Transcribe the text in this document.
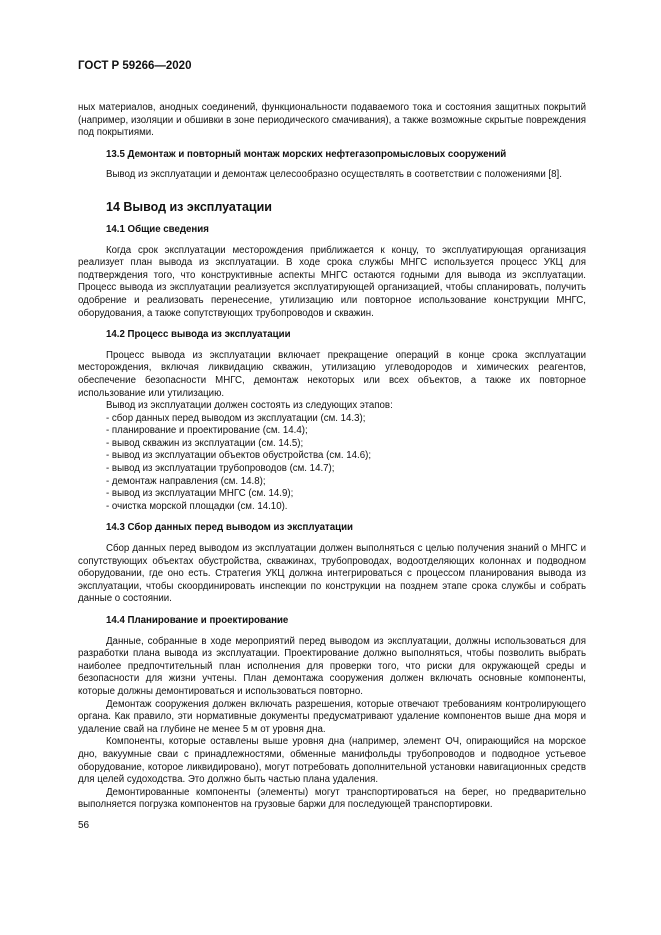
ГОСТ Р 59266—2020

ных материалов, анодных соединений, функциональности подаваемого тока и состояния защитных покрытий (например, изоляции и обшивки в зоне периодического смачивания), а также возможные скрытые повреждения под покрытиями.

13.5 Демонтаж и повторный монтаж морских нефтегазопромысловых сооружений

Вывод из эксплуатации и демонтаж целесообразно осуществлять в соответствии с положениями [8].

14 Вывод из эксплуатации
14.1 Общие сведения

Когда срок эксплуатации месторождения приближается к концу, то эксплуатирующая организация реализует план вывода из эксплуатации. В ходе срока службы МНГС используется процесс УКЦ для подтверждения того, что конструктивные аспекты МНГС остаются годными для вывода из эксплуатации. Процесс вывода из эксплуатации реализуется эксплуатирующей организацией, чтобы спланировать, получить одобрение и реализовать перенесение, утилизацию или повторное использование конструкции МНГС, оборудования, а также сопутствующих трубопроводов и скважин.

14.2 Процесс вывода из эксплуатации

Процесс вывода из эксплуатации включает прекращение операций в конце срока эксплуатации месторождения, включая ликвидацию скважин, утилизацию углеводородов и химических реагентов, обеспечение безопасности МНГС, демонтаж некоторых или всех объектов, а также их повторное использование или утилизацию.

Вывод из эксплуатации должен состоять из следующих этапов:

- сбор данных перед выводом из эксплуатации (см. 14.3);
- планирование и проектирование (см. 14.4);
- вывод скважин из эксплуатации (см. 14.5);
- вывод из эксплуатации объектов обустройства (см. 14.6);
- вывод из эксплуатации трубопроводов (см. 14.7);
- демонтаж направления (см. 14.8);
- вывод из эксплуатации МНГС (см. 14.9);
- очистка морской площадки (см. 14.10).
14.3 Сбор данных перед выводом из эксплуатации

Сбор данных перед выводом из эксплуатации должен выполняться с целью получения знаний о МНГС и сопутствующих объектах обустройства, скважинах, трубопроводах, водоотделяющих колоннах и подводном оборудовании, где оно есть. Стратегия УКЦ должна интегрироваться с процессом планирования вывода из эксплуатации, чтобы скоординировать инспекции по конструкции на позднем этапе срока службы и собрать данные о состоянии.

14.4 Планирование и проектирование

Данные, собранные в ходе мероприятий перед выводом из эксплуатации, должны использоваться для разработки плана вывода из эксплуатации. Проектирование должно выполняться, чтобы позволить выбрать наиболее предпочтительный план исполнения для проверки того, что риски для окружающей среды и безопасности для жизни учтены. План демонтажа сооружения должен включать основные компоненты, которые должны демонтироваться и использоваться повторно.

Демонтаж сооружения должен включать разрешения, которые отвечают требованиям контролирующего органа. Как правило, эти нормативные документы предусматривают удаление компонентов выше дна моря и удаление свай на глубине не менее 5 м от уровня дна.

Компоненты, которые оставлены выше уровня дна (например, элемент ОЧ, опирающийся на морское дно, вакуумные сваи с принадлежностями, обменные манифольды трубопроводов и подводное устьевое оборудование, которое ликвидировано), могут потребовать дополнительной установки навигационных средств для целей судоходства. Это должно быть частью плана удаления.

Демонтированные компоненты (элементы) могут транспортироваться на берег, но предварительно выполняется погрузка компонентов на грузовые баржи для последующей транспортировки.

56
